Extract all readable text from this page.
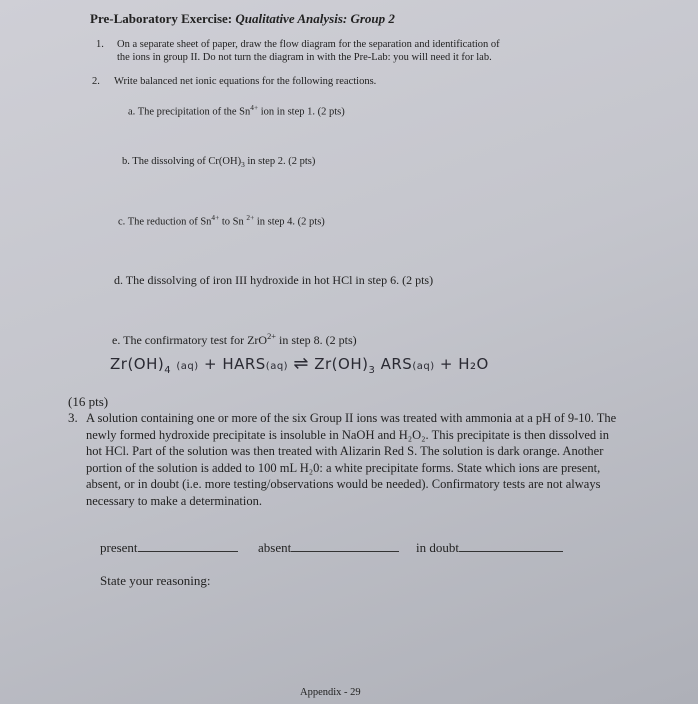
Pre-Laboratory Exercise: Qualitative Analysis: Group 2
1. On a separate sheet of paper, draw the flow diagram for the separation and identification of
the ions in group II. Do not turn the diagram in with the Pre-Lab: you will need it for lab.
2. Write balanced net ionic equations for the following reactions.
a. The precipitation of the $Sn^{4+}$ ion in step 1. (2 pts)
b. The dissolving of $Cr(OH)_3$ in step 2. (2 pts)
c. The reduction of $Sn^{4+}$ to Sn $^{2+}$ in step 4. (2 pts)
d. The dissolving of iron III hydroxide in hot HCl in step 6. (2 pts)
e. The confirmatory test for ZrO$^{2+}$ in step 8. (2 pts)
$Zr(OH)_4$ (aq) + HARS(aq) ⇌ $Zr(OH)_3$ ARS(aq) + H₂O
(16 pts)
3. A solution containing one or more of the six Group II ions was treated with ammonia at a pH of 9-10. The newly formed hydroxide precipitate is insoluble in NaOH and H₂O₂. This precipitate is then dissolved in hot HCl. Part of the solution was then treated with Alizarin Red S. The solution is dark orange. Another portion of the solution is added to 100 mL H₂0: a white precipitate forms. State which ions are present, absent, or in doubt (i.e. more testing/observations would be needed). Confirmatory tests are not always necessary to make a determination.
present	absent	in doubt
State your reasoning:
Appendix - 29
